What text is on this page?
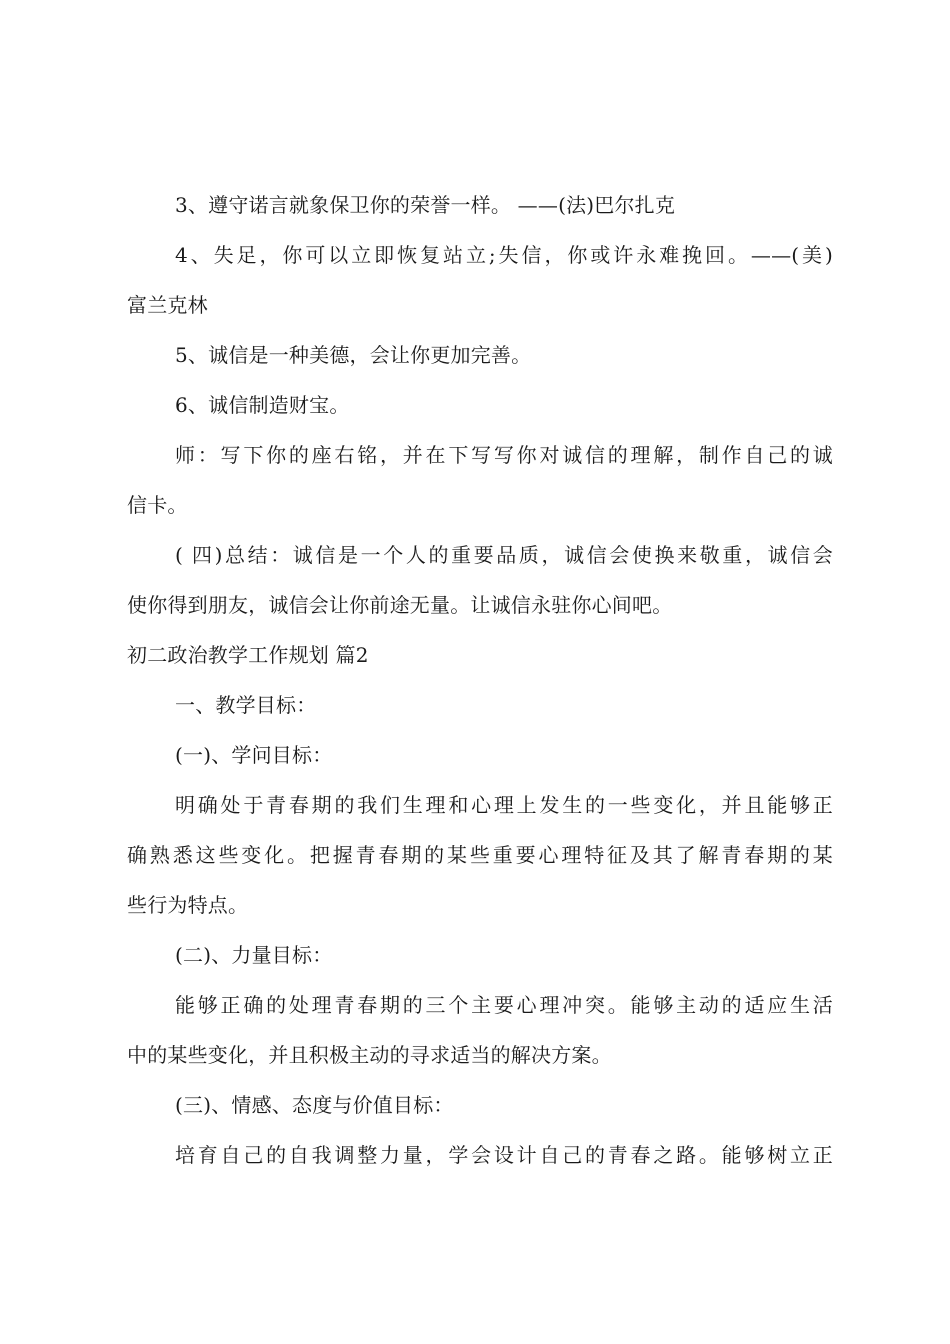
3、遵守诺言就象保卫你的荣誉一样。 ——(法)巴尔扎克
4、失足，你可以立即恢复站立;失信，你或许永难挽回。——(美)
富兰克林
5、诚信是一种美德，会让你更加完善。
6、诚信制造财宝。
师：写下你的座右铭，并在下写写你对诚信的理解，制作自己的诚
信卡。
( 四)总结：诚信是一个人的重要品质，诚信会使换来敬重，诚信会
使你得到朋友，诚信会让你前途无量。让诚信永驻你心间吧。
初二政治教学工作规划 篇2
一、教学目标：
(一)、学问目标：
明确处于青春期的我们生理和心理上发生的一些变化，并且能够正
确熟悉这些变化。把握青春期的某些重要心理特征及其了解青春期的某
些行为特点。
(二)、力量目标：
能够正确的处理青春期的三个主要心理冲突。能够主动的适应生活
中的某些变化，并且积极主动的寻求适当的解决方案。
(三)、情感、态度与价值目标：
培育自己的自我调整力量，学会设计自己的青春之路。能够树立正
